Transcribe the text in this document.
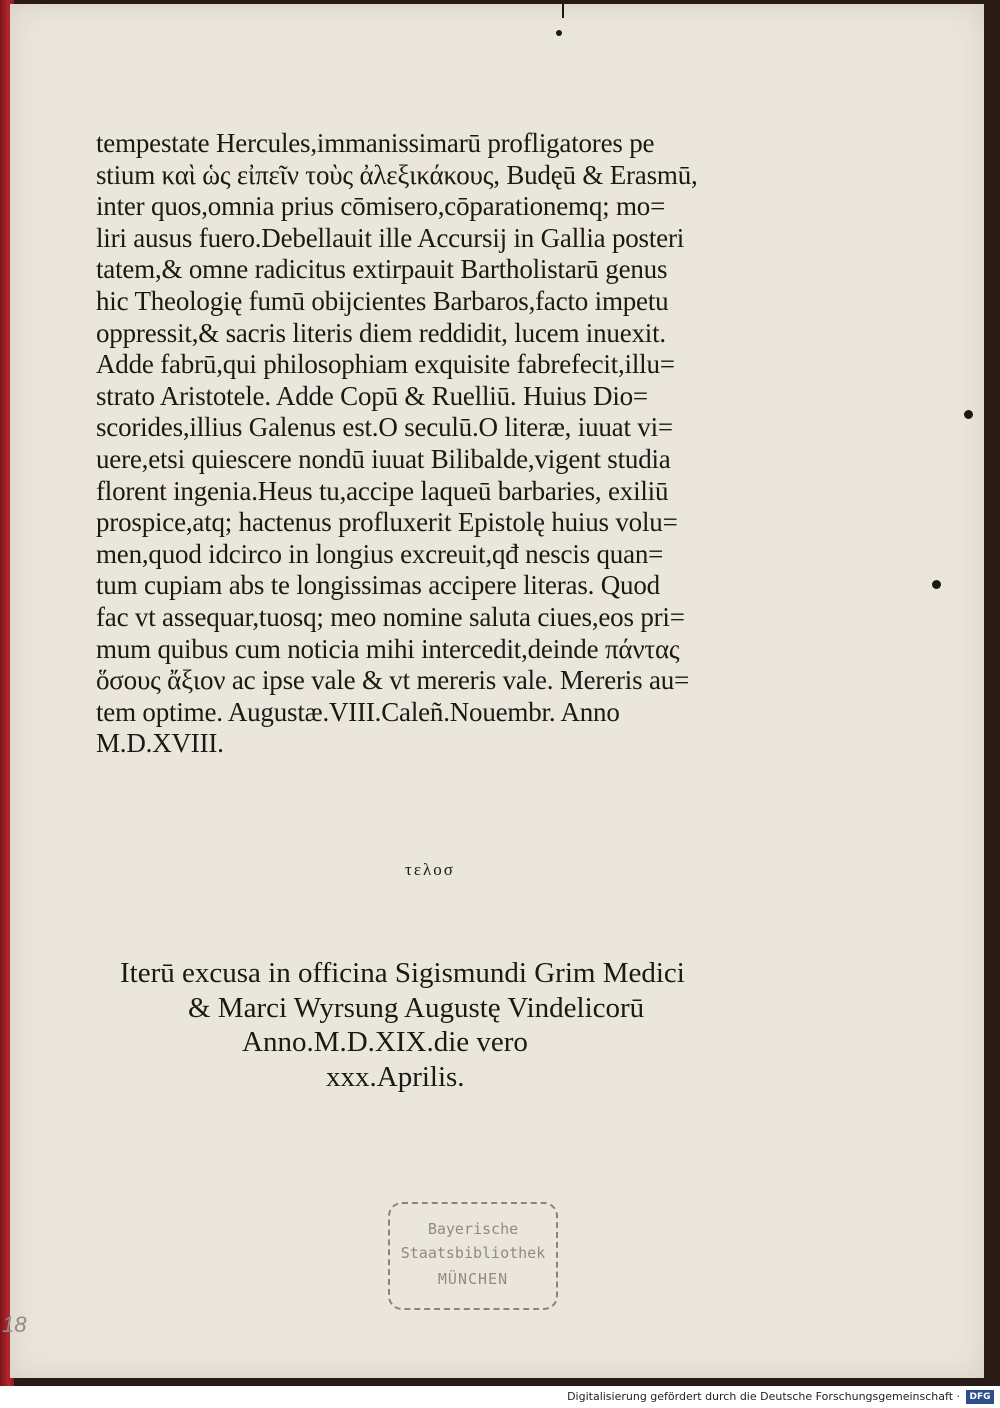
tempestate Hercules,immanissimarū profligatores pe
stium καὶ ὡς εἰπεῖν τοὺς ἀλεξικάκους, Budęū & Erasmū,
inter quos,omnia prius cōmisero,cōparationemq; mo=
liri ausus fuero.Debellauit ille Accursij in Gallia posteri
tatem,& omne radicitus extirpauit Bartholistarū genus
hic Theologię fumū obijcientes Barbaros,facto impetu
oppressit,& sacris literis diem reddidit, lucem inuexit.
Adde fabrū,qui philosophiam exquisite fabrefecit,illu=
strato Aristotele. Adde Copū & Ruelliū. Huius Dio=
scorides,illius Galenus est.O seculū.O literæ, iuuat vi=
uere,etsi quiescere nondū iuuat Bilibalde,vigent studia
florent ingenia.Heus tu,accipe laqueū barbaries, exiliū
prospice,atq; hactenus profluxerit Epistolę huius volu=
men,quod idcirco in longius excreuit,qđ nescis quan=
tum cupiam abs te longissimas accipere literas. Quod
fac vt assequar,tuosq; meo nomine saluta ciues,eos pri=
mum quibus cum noticia mihi intercedit,deinde πάντας
ὅσους ἄξιον ac ipse vale & vt mereris vale. Mereris au=
tem optime. Augustæ.VIII.Caleñ.Nouembr. Anno
M.D.XVIII.
τελοσ
Iterū excusa in officina Sigismundi Grim Medici
& Marci Wyrsung Augustę Vindelicorū
Anno.M.D.XIX.die vero
xxx.Aprilis.
Bayerische
Staatsbibliothek
MÜNCHEN
18
Digitalisierung gefördert durch die Deutsche Forschungsgemeinschaft ·	DFG
